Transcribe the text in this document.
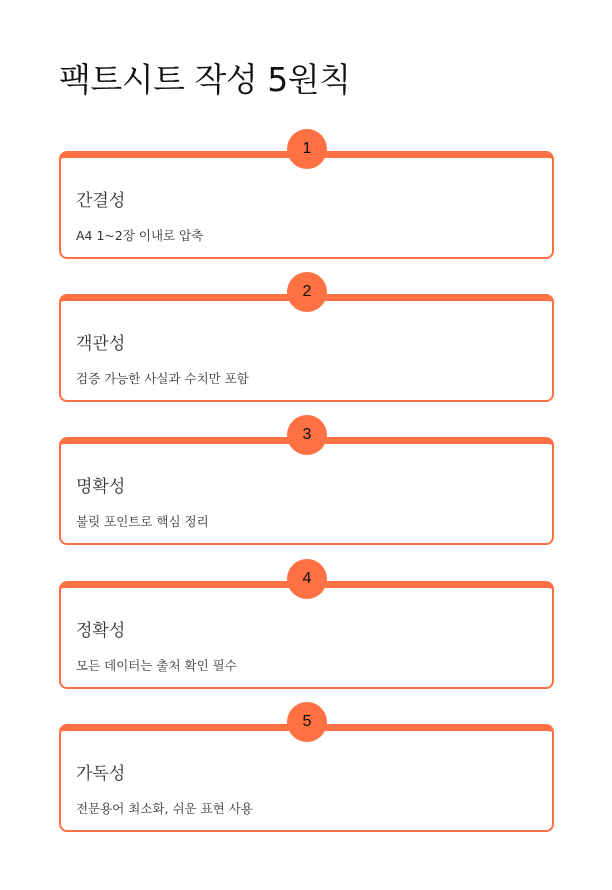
팩트시트 작성 5원칙
1
간결성
A4 1~2장 이내로 압축
2
객관성
검증 가능한 사실과 수치만 포함
3
명확성
불릿 포인트로 핵심 정리
4
정확성
모든 데이터는 출처 확인 필수
5
가독성
전문용어 최소화, 쉬운 표현 사용
